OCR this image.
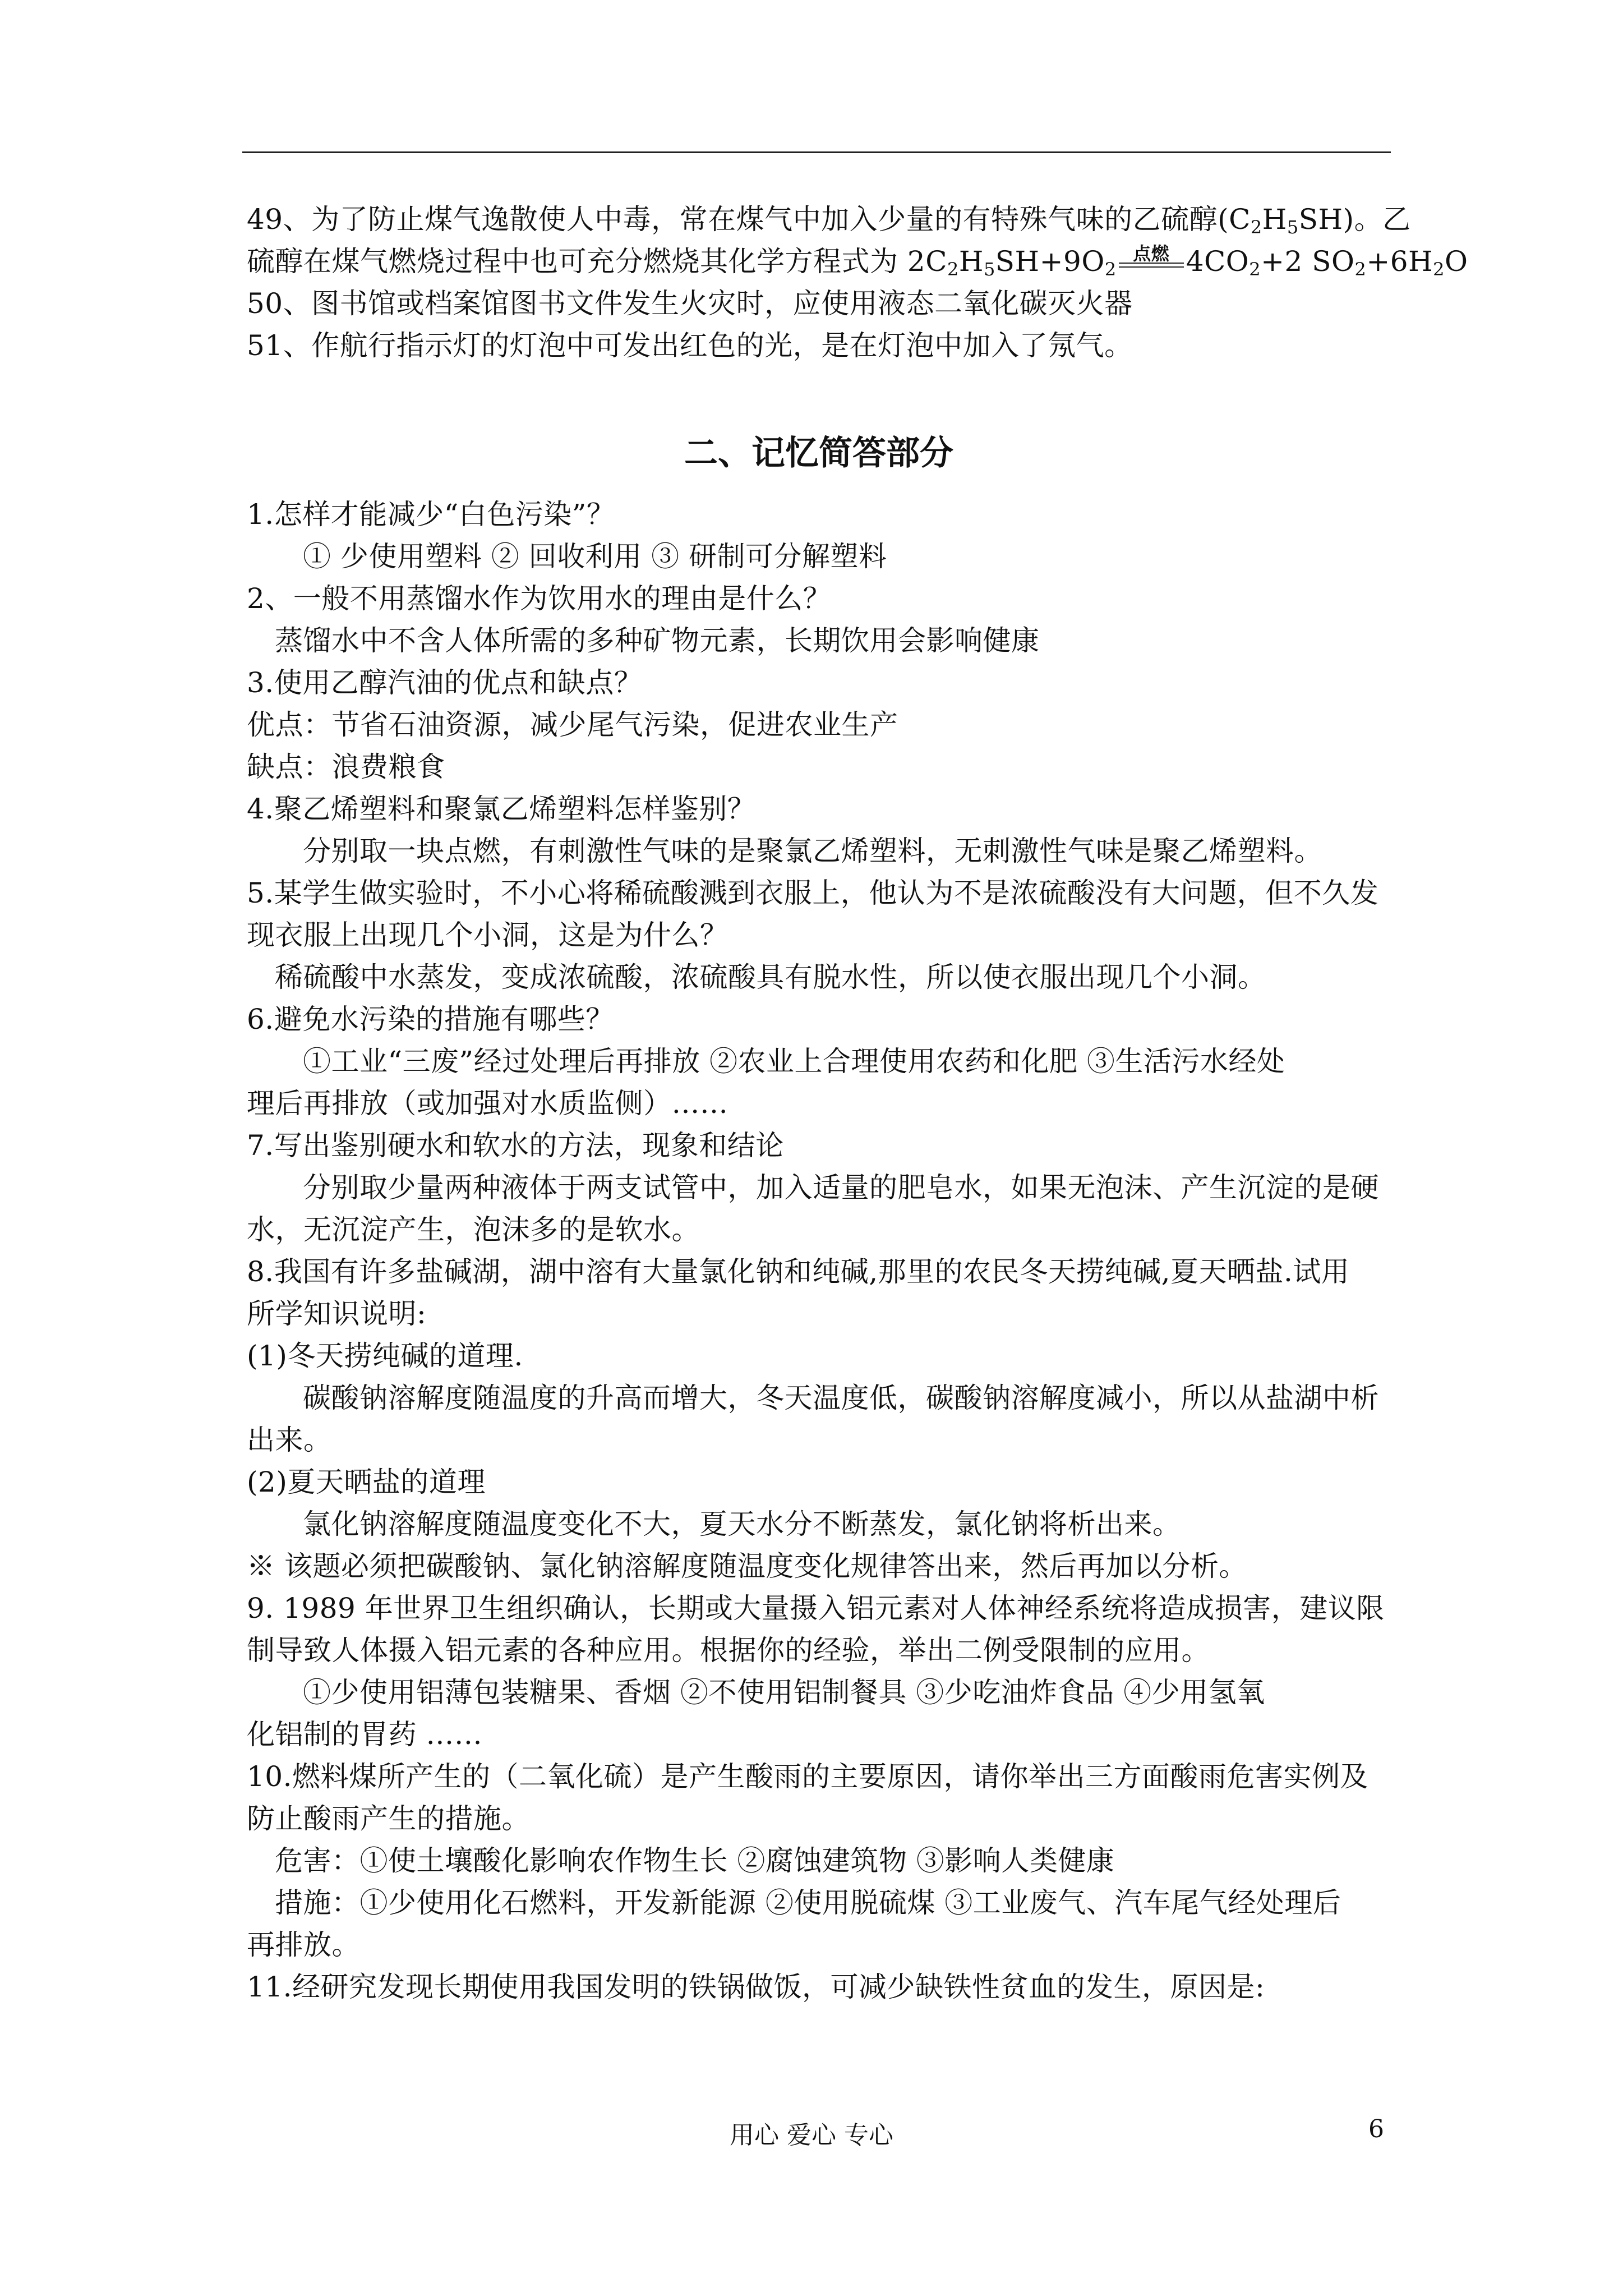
49、为了防止煤气逸散使人中毒，常在煤气中加入少量的有特殊气味的乙硫醇$(C_2H_5SH)$。乙
硫醇在煤气燃烧过程中也可充分燃烧其化学方程式为 $2C_2H_5SH+9O_2$
点燃 $4CO_2+2$ $SO_2+6H_2O$
50、图书馆或档案馆图书文件发生火灾时，应使用液态二氧化碳灭火器
51、作航行指示灯的灯泡中可发出红色的光，是在灯泡中加入了氖气。
二、记忆简答部分
1.怎样才能减少“白色污染”？
① 少使用塑料 ② 回收利用 ③ 研制可分解塑料
2、一般不用蒸馏水作为饮用水的理由是什么？
蒸馏水中不含人体所需的多种矿物元素，长期饮用会影响健康
3.使用乙醇汽油的优点和缺点？
优点：节省石油资源，减少尾气污染，促进农业生产
缺点：浪费粮食
4.聚乙烯塑料和聚氯乙烯塑料怎样鉴别？
分别取一块点燃，有刺激性气味的是聚氯乙烯塑料，无刺激性气味是聚乙烯塑料。
5.某学生做实验时，不小心将稀硫酸溅到衣服上，他认为不是浓硫酸没有大问题，但不久发
现衣服上出现几个小洞，这是为什么？
稀硫酸中水蒸发，变成浓硫酸，浓硫酸具有脱水性，所以使衣服出现几个小洞。
6.避免水污染的措施有哪些？
①工业“三废”经过处理后再排放 ②农业上合理使用农药和化肥 ③生活污水经处
理后再排放（或加强对水质监侧）……
7.写出鉴别硬水和软水的方法，现象和结论
分别取少量两种液体于两支试管中，加入适量的肥皂水，如果无泡沫、产生沉淀的是硬
水，无沉淀产生，泡沫多的是软水。
8.我国有许多盐碱湖，湖中溶有大量氯化钠和纯碱,那里的农民冬天捞纯碱,夏天晒盐.试用
所学知识说明:
(1)冬天捞纯碱的道理.
碳酸钠溶解度随温度的升高而增大，冬天温度低，碳酸钠溶解度减小，所以从盐湖中析
出来。
(2)夏天晒盐的道理
氯化钠溶解度随温度变化不大，夏天水分不断蒸发，氯化钠将析出来。
※ 该题必须把碳酸钠、氯化钠溶解度随温度变化规律答出来，然后再加以分析。
9. 1989 年世界卫生组织确认，长期或大量摄入铝元素对人体神经系统将造成损害，建议限
制导致人体摄入铝元素的各种应用。根据你的经验，举出二例受限制的应用。
①少使用铝薄包装糖果、香烟 ②不使用铝制餐具 ③少吃油炸食品 ④少用氢氧
化铝制的胃药 ……
10.燃料煤所产生的（二氧化硫）是产生酸雨的主要原因，请你举出三方面酸雨危害实例及
防止酸雨产生的措施。
危害：①使土壤酸化影响农作物生长 ②腐蚀建筑物 ③影响人类健康
措施：①少使用化石燃料，开发新能源 ②使用脱硫煤 ③工业废气、汽车尾气经处理后
再排放。
11.经研究发现长期使用我国发明的铁锅做饭，可减少缺铁性贫血的发生，原因是:
用心 爱心 专心	6
